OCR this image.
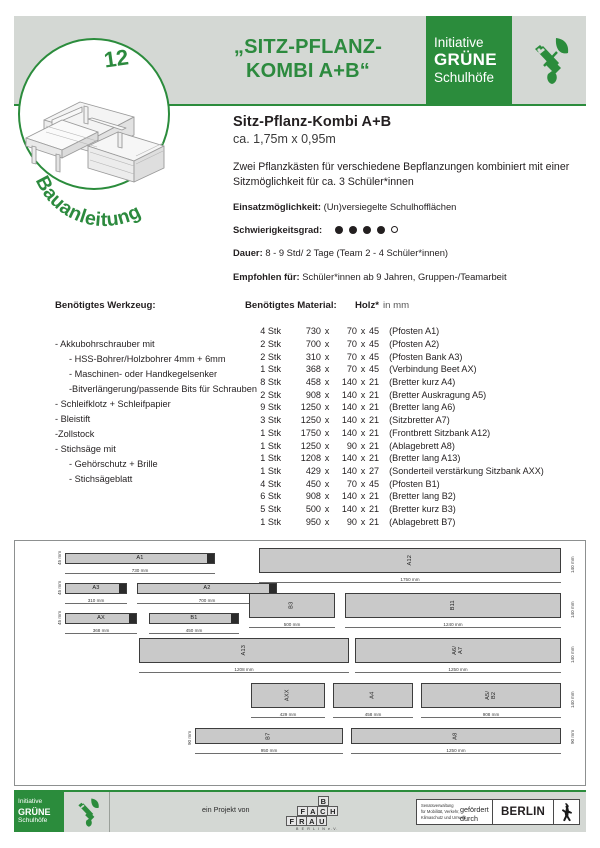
„SITZ-PFLANZ-
KOMBI A+B“
Initiative
GRÜNE
Schulhöfe
12
Bauanleitung
Sitz-Pflanz-Kombi A+B
ca. 1,75m x 0,95m
Zwei Pflanzkästen für verschiedene Bepflanzungen kombiniert mit einer Sitzmöglichkeit für ca. 3 Schüler*innen
Einsatzmöglichkeit: (Un)versiegelte Schulhofflächen
Schwierigkeitsgrad:
Dauer: 8 - 9 Std/ 2 Tage (Team 2 - 4 Schüler*innen)
Empfohlen für: Schüler*innen ab 9 Jahren, Gruppen-/Teamarbeit
Benötigtes Werkzeug:
- Akkubohrschrauber mit
- HSS-Bohrer/Holzbohrer 4mm + 6mm
- Maschinen- oder Handkegelsenker
-Bitverlängerung/passende Bits für Schrauben
- Schleifklotz + Schleifpapier
- Bleistift
-Zollstock
- Stichsäge mit
- Gehörschutz + Brille
- Stichsägeblatt
Benötigtes Material:	Holz* in mm
4 Stk	730	x	70	x	45	(Pfosten A1)
2 Stk	700	x	70	x	45	(Pfosten A2)
2 Stk	310	x	70	x	45	(Pfosten Bank A3)
1 Stk	368	x	70	x	45	(Verbindung Beet AX)
8 Stk	458	x	140	x	21	(Bretter kurz A4)
2 Stk	908	x	140	x	21	(Bretter Auskragung A5)
9 Stk	1250	x	140	x	21	(Bretter lang A6)
3 Stk	1250	x	140	x	21	(Sitzbretter A7)
1 Stk	1750	x	140	x	21	(Frontbrett Sitzbank A12)
1 Stk	1250	x	90	x	21	(Ablagebrett A8)
1 Stk	1208	x	140	x	21	(Bretter lang A13)
1 Stk	429	x	140	x	27	(Sonderteil verstärkung Sitzbank AXX)
4 Stk	450	x	70	x	45	(Pfosten B1)
6 Stk	908	x	140	x	21	(Bretter lang B2)
5 Stk	500	x	140	x	21	(Bretter kurz B3)
1 Stk	950	x	90	x	21	(Ablagebrett B7)
A1
730 mm
45 mm
A3
310 mm
45 mm	A2
700 mm
AX
368 mm
45 mm	B1
450 mm
A12
1750 mm
140 mm
B3
500 mm
B11
1240 mm
140 mm
A13
1208 mm
A6/
A7
1250 mm
140 mm
AXX
429 mm
A4
458 mm
A5/
B2
908 mm
140 mm
B7
950 mm
90 mm	A8
1250 mm
90 mm
Initiative
GRÜNE
Schulhöfe
ein Projekt von
B
F A C H
F R A U
B E R L I N e.V.
gefördert durch
Senatsverwaltung
für Mobilität, Verkehr,
Klimaschutz und Umwelt	BERLIN
